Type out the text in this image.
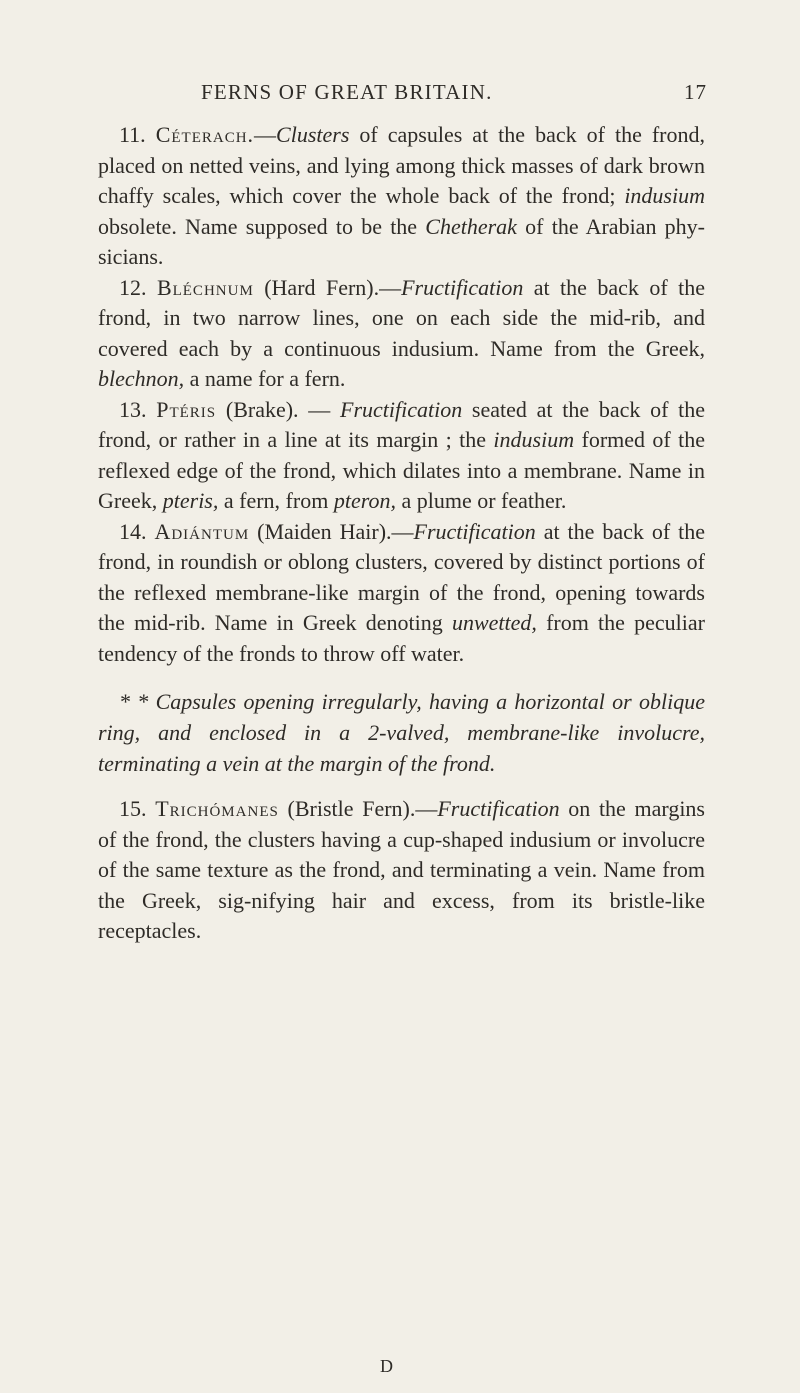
FERNS OF GREAT BRITAIN.	17

11. Céterach.—Clusters of capsules at the back of the frond, placed on netted veins, and lying among thick masses of dark brown chaffy scales, which cover the whole back of the frond; indusium obsolete. Name supposed to be the Chetherak of the Arabian phy-sicians.

12. Bléchnum (Hard Fern).—Fructification at the back of the frond, in two narrow lines, one on each side the mid-rib, and covered each by a continuous indusium. Name from the Greek, blechnon, a name for a fern.

13. Ptéris (Brake). — Fructification seated at the back of the frond, or rather in a line at its margin ; the indusium formed of the reflexed edge of the frond, which dilates into a membrane. Name in Greek, pteris, a fern, from pteron, a plume or feather.

14. Adiántum (Maiden Hair).—Fructification at the back of the frond, in roundish or oblong clusters, covered by distinct portions of the reflexed membrane-like margin of the frond, opening towards the mid-rib. Name in Greek denoting unwetted, from the peculiar tendency of the fronds to throw off water.

* * Capsules opening irregularly, having a horizontal or oblique ring, and enclosed in a 2-valved, membrane-like involucre, terminating a vein at the margin of the frond.

15. Trichómanes (Bristle Fern).—Fructification on the margins of the frond, the clusters having a cup-shaped indusium or involucre of the same texture as the frond, and terminating a vein. Name from the Greek, sig-nifying hair and excess, from its bristle-like receptacles.

D
